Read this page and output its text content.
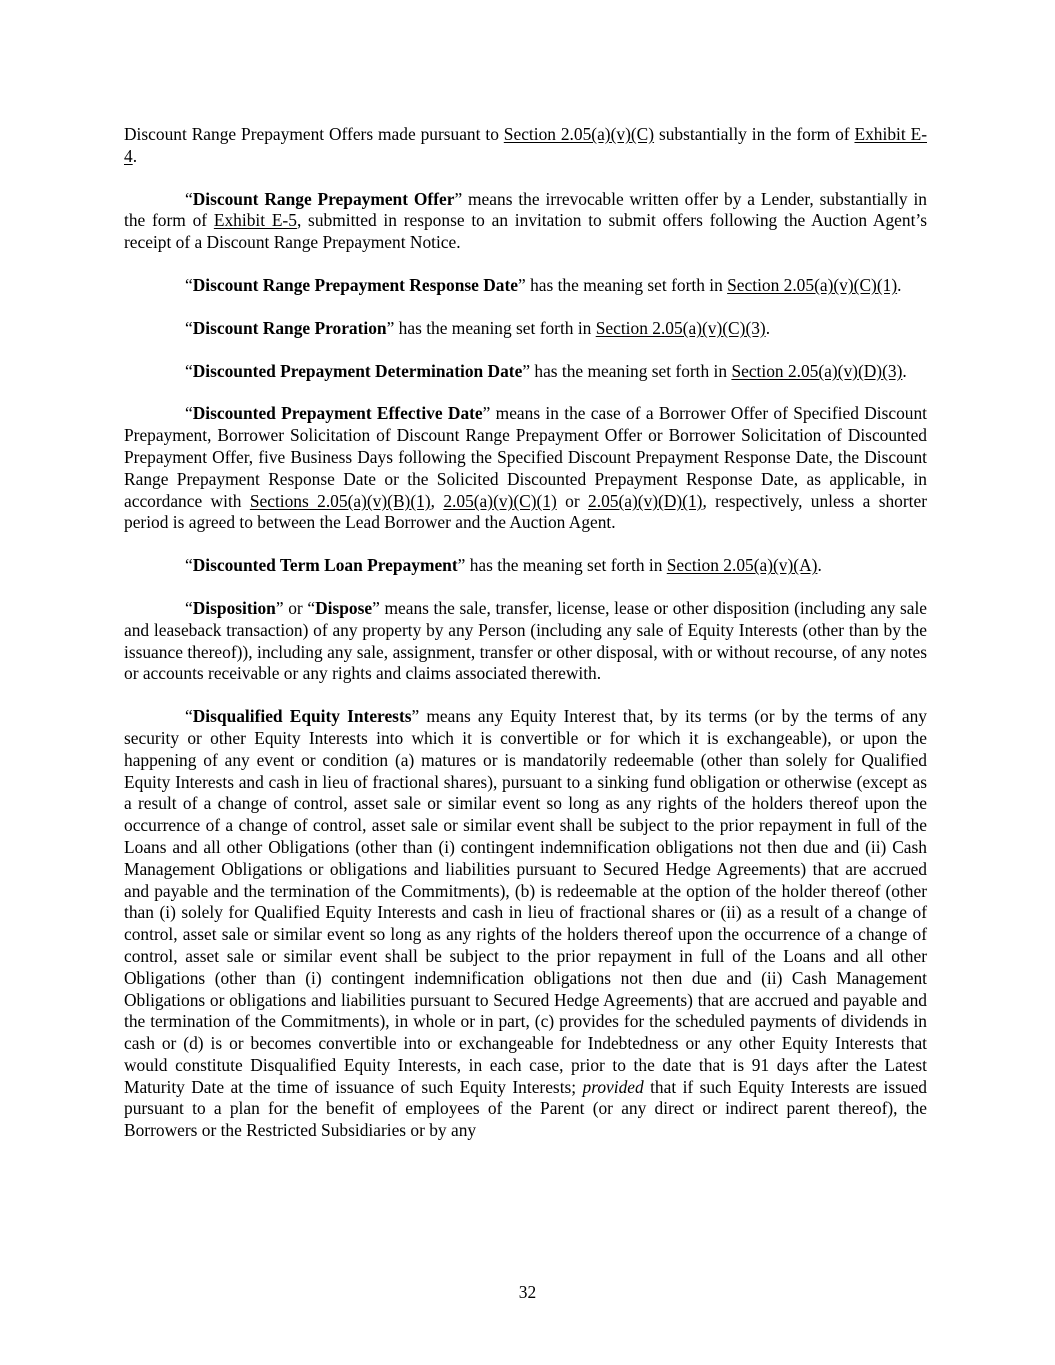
Discount Range Prepayment Offers made pursuant to Section 2.05(a)(v)(C) substantially in the form of Exhibit E-4.

“Discount Range Prepayment Offer” means the irrevocable written offer by a Lender, substantially in the form of Exhibit E-5, submitted in response to an invitation to submit offers following the Auction Agent’s receipt of a Discount Range Prepayment Notice.

“Discount Range Prepayment Response Date” has the meaning set forth in Section 2.05(a)(v)(C)(1).

“Discount Range Proration” has the meaning set forth in Section 2.05(a)(v)(C)(3).

“Discounted Prepayment Determination Date” has the meaning set forth in Section 2.05(a)(v)(D)(3).

“Discounted Prepayment Effective Date” means in the case of a Borrower Offer of Specified Discount Prepayment, Borrower Solicitation of Discount Range Prepayment Offer or Borrower Solicitation of Discounted Prepayment Offer, five Business Days following the Specified Discount Prepayment Response Date, the Discount Range Prepayment Response Date or the Solicited Discounted Prepayment Response Date, as applicable, in accordance with Sections 2.05(a)(v)(B)(1), 2.05(a)(v)(C)(1) or 2.05(a)(v)(D)(1), respectively, unless a shorter period is agreed to between the Lead Borrower and the Auction Agent.

“Discounted Term Loan Prepayment” has the meaning set forth in Section 2.05(a)(v)(A).

“Disposition” or “Dispose” means the sale, transfer, license, lease or other disposition (including any sale and leaseback transaction) of any property by any Person (including any sale of Equity Interests (other than by the issuance thereof)), including any sale, assignment, transfer or other disposal, with or without recourse, of any notes or accounts receivable or any rights and claims associated therewith.

“Disqualified Equity Interests” means any Equity Interest that, by its terms (or by the terms of any security or other Equity Interests into which it is convertible or for which it is exchangeable), or upon the happening of any event or condition (a) matures or is mandatorily redeemable (other than solely for Qualified Equity Interests and cash in lieu of fractional shares), pursuant to a sinking fund obligation or otherwise (except as a result of a change of control, asset sale or similar event so long as any rights of the holders thereof upon the occurrence of a change of control, asset sale or similar event shall be subject to the prior repayment in full of the Loans and all other Obligations (other than (i) contingent indemnification obligations not then due and (ii) Cash Management Obligations or obligations and liabilities pursuant to Secured Hedge Agreements) that are accrued and payable and the termination of the Commitments), (b) is redeemable at the option of the holder thereof (other than (i) solely for Qualified Equity Interests and cash in lieu of fractional shares or (ii) as a result of a change of control, asset sale or similar event so long as any rights of the holders thereof upon the occurrence of a change of control, asset sale or similar event shall be subject to the prior repayment in full of the Loans and all other Obligations (other than (i) contingent indemnification obligations not then due and (ii) Cash Management Obligations or obligations and liabilities pursuant to Secured Hedge Agreements) that are accrued and payable and the termination of the Commitments), in whole or in part, (c) provides for the scheduled payments of dividends in cash or (d) is or becomes convertible into or exchangeable for Indebtedness or any other Equity Interests that would constitute Disqualified Equity Interests, in each case, prior to the date that is 91 days after the Latest Maturity Date at the time of issuance of such Equity Interests; provided that if such Equity Interests are issued pursuant to a plan for the benefit of employees of the Parent (or any direct or indirect parent thereof), the Borrowers or the Restricted Subsidiaries or by any

32
